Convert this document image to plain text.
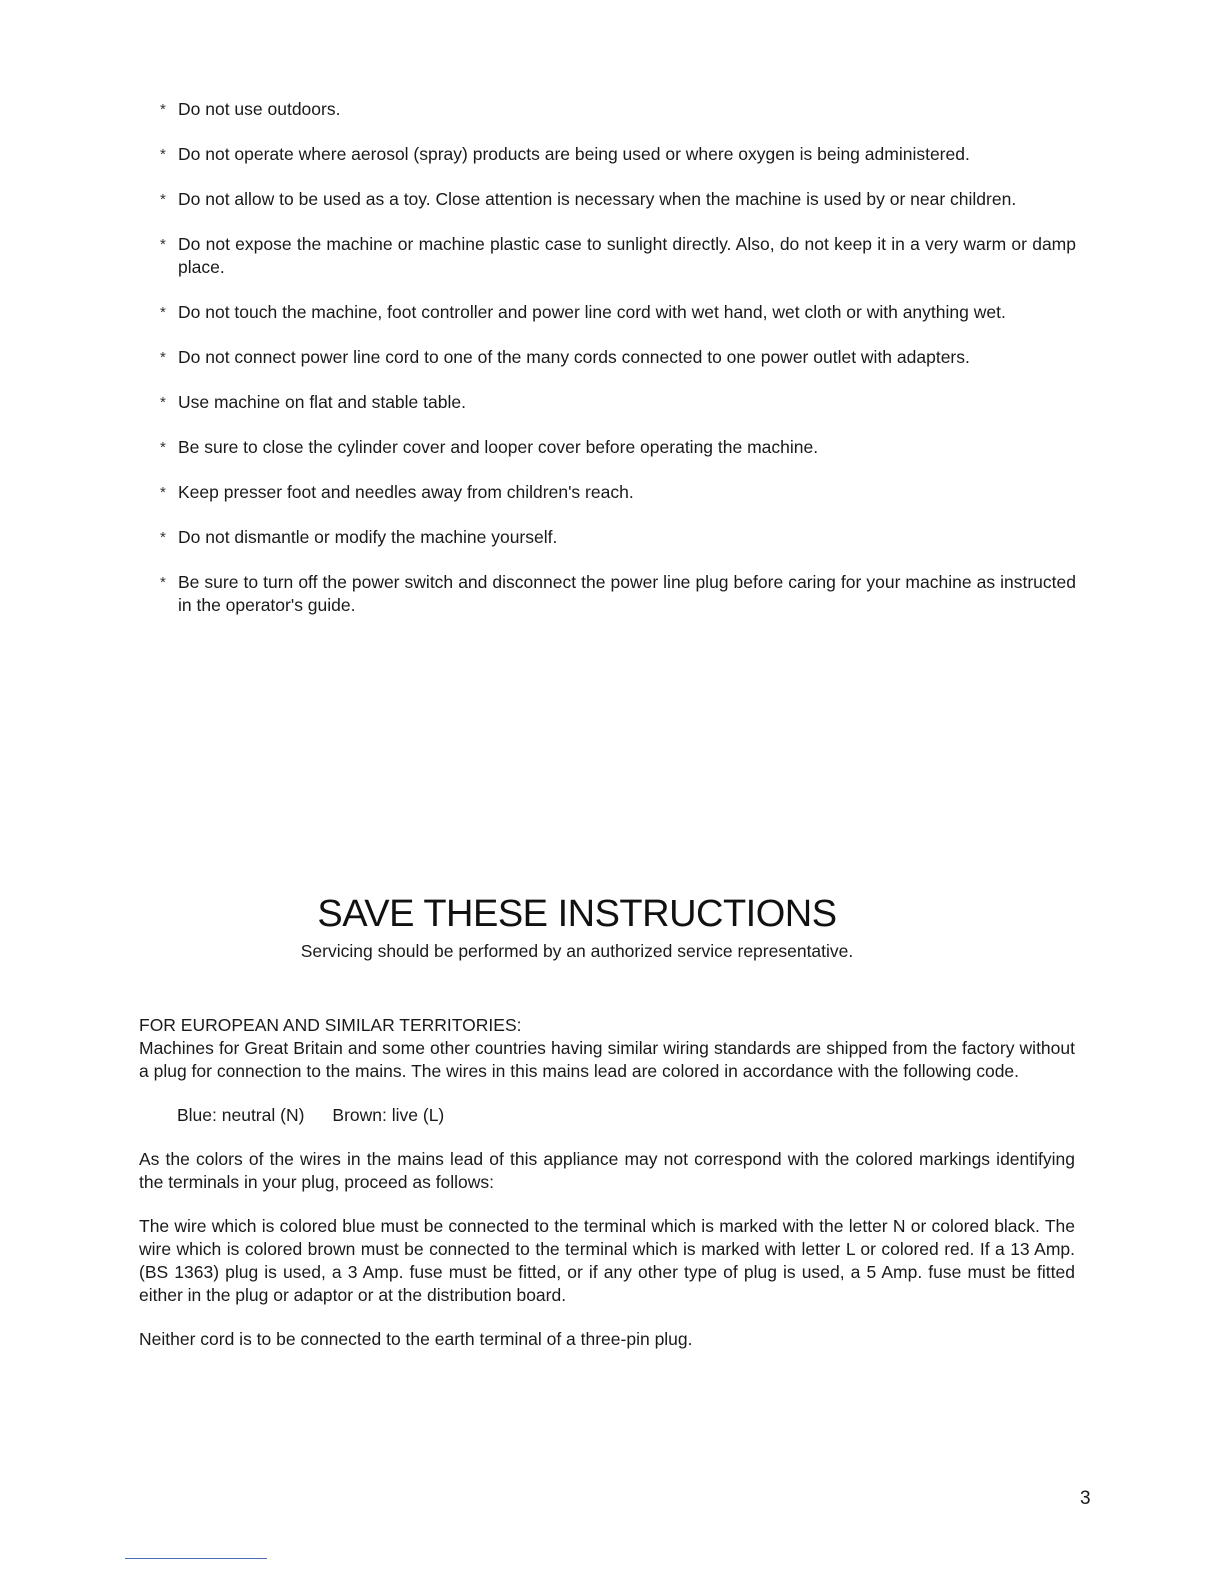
* Do not use outdoors.
* Do not operate where aerosol (spray) products are being used or where oxygen is being administered.
* Do not allow to be used as a toy. Close attention is necessary when the machine is used by or near children.
* Do not expose the machine or machine plastic case to sunlight directly. Also, do not keep it in a very warm or damp place.
* Do not touch the machine, foot controller and power line cord with wet hand, wet cloth or with anything wet.
* Do not connect power line cord to one of the many cords connected to one power outlet with adapters.
* Use machine on flat and stable table.
* Be sure to close the cylinder cover and looper cover before operating the machine.
* Keep presser foot and needles away from children's reach.
* Do not dismantle or modify the machine yourself.
* Be sure to turn off the power switch and disconnect the power line plug before caring for your machine as instructed in the operator's guide.
SAVE THESE INSTRUCTIONS

Servicing should be performed by an authorized service representative.

FOR EUROPEAN AND SIMILAR TERRITORIES:

Machines for Great Britain and some other countries having similar wiring standards are shipped from the factory without a plug for connection to the mains. The wires in this mains lead are colored in accordance with the following code.

Blue: neutral (N) Brown: live (L)

As the colors of the wires in the mains lead of this appliance may not correspond with the colored markings identifying the terminals in your plug, proceed as follows:

The wire which is colored blue must be connected to the terminal which is marked with the letter N or colored black. The wire which is colored brown must be connected to the terminal which is marked with letter L or colored red. If a 13 Amp. (BS 1363) plug is used, a 3 Amp. fuse must be fitted, or if any other type of plug is used, a 5 Amp. fuse must be fitted either in the plug or adaptor or at the distribution board.

Neither cord is to be connected to the earth terminal of a three-pin plug.

3
